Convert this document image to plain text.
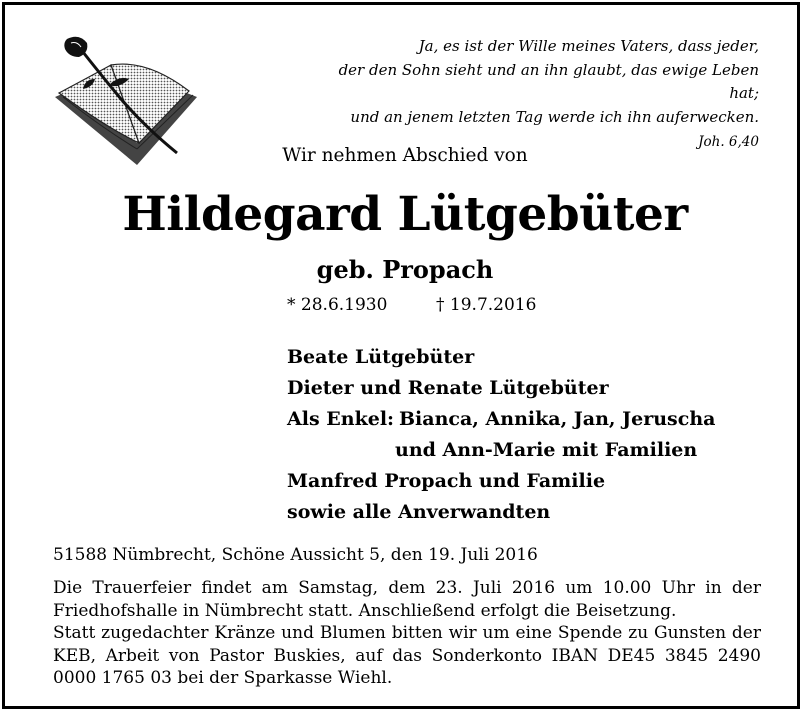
Ja, es ist der Wille meines Vaters, dass jeder,
der den Sohn sieht und an ihn glaubt, das ewige Leben hat;
und an jenem letzten Tag werde ich ihn auferwecken.
Joh. 6,40
Wir nehmen Abschied von
Hildegard Lütgebüter
geb. Propach
* 28.6.1930	† 19.7.2016
Beate Lütgebüter
Dieter und Renate Lütgebüter
Als Enkel: Bianca, Annika, Jan, Jeruscha
und Ann-Marie mit Familien
Manfred Propach und Familie
sowie alle Anverwandten
51588 Nümbrecht, Schöne Aussicht 5, den 19. Juli 2016

Die Trauerfeier findet am Samstag, dem 23. Juli 2016 um 10.00 Uhr in der Friedhofshalle in Nümbrecht statt. Anschließend erfolgt die Beisetzung.

Statt zugedachter Kränze und Blumen bitten wir um eine Spende zu Gunsten der KEB, Arbeit von Pastor Buskies, auf das Sonderkonto IBAN DE45 3845 2490 0000 1765 03 bei der Sparkasse Wiehl.
